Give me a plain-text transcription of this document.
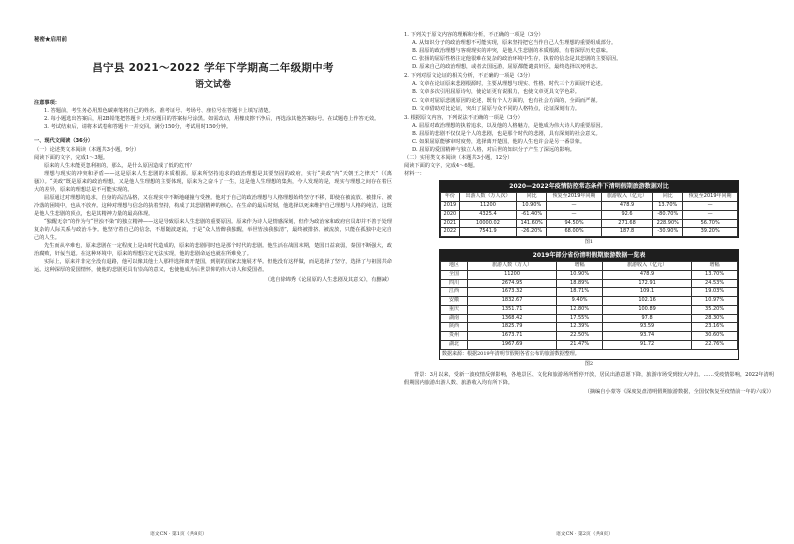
秘密★启用前
昌宁县 2021～2022 学年下学期高二年级期中考
语文试卷
注意事项：

1. 答题前，考生务必用黑色碳素笔将自己的姓名、准考证号、考场号、座位号在答题卡上填写清楚。

2. 每小题选出答案后，用2B铅笔把答题卡上对应题目的答案标号涂黑。如需改动，用橡皮擦干净后，再选涂其他答案标号。在试题卷上作答无效。

3. 考试结束后，请将本试卷和答题卡一并交回。满分150分，考试用时150分钟。

一、现代文阅读（36分）

（一）论述类文本阅读（本题共3小题，9分）

阅读下面的文字，完成1～3题。

原来的人生未能更忽利祖的，那么，是什么原因造成了低的危刊？

理想与现实的冲突和矛盾——这是原来人生悲剧的本质根源。原来所坚持追求的政治理想是其要坚固的政府，实行“美政”内“天朝王之律天”（《离骚》）。“美政”既是原来的政治理想，又是他人生理想的主要体现，原来为之奋斗了一生，这是他人生理想的集焦，今人发现的是，现实与理想之间存在着巨大的差异，原来的理想总是不可能实现的。

屈原通过对理想的追求，自身的高洁品格，又在现实中不断地碰撞与受挫。他对于自己的政治理想与人格理想始终坚守不移，即使在被流放、被排斥、被冷落的困境中，也从不放弃。这种对理想与信念的执着坚持，构成了其悲剧精神的核心。在生命的最后时刻，他选择以死来维护自己理想与人格的纯洁，这既是他人生悲剧的顶点，也是其精神力量的最高体现。

“独醒无奈”的作为与“世浊不染”的独立精神——这是导致原来人生悲剧的重要原因。原来作为诗人是情感深刻，但作为政治家和政府官员却并不善于处理复杂的人际关系与政治斗争。他坚守着自己的信念，不愿随波逐流，于是“众人皆醉我独醒，举世皆浊我独清”，最终被排挤、被流放，只能在孤独中走完自己的人生。

先生而从卒难也，原来悲剧在一定程度上是由时代造成的，原来的悲剧同时也是那个时代的悲剧。他生活在战国末期，楚国日益衰弱，秦国不断强大，政治腐败，奸佞当道。在这种环境中，原来的理想注定无法实现，他的悲剧命运也就在所难免了。

实际上，原来并非完全没有退路，他可以像其他士人那样选择离开楚国，到别的国家去施展才华。但他没有这样做，而是选择了坚守，选择了与祖国共命运。这种深厚的爱国情怀，使他的悲剧更具有崇高的意义，也使他成为后世景仰的伟大诗人和爱国者。

（选自徐锦秀《论屈原的人生悲剧及其意义》，有删减）

1. 下列关于原文内容的理解和分析，不正确的一项是（3分）

A. 从知识分子的政治理想不可能实现，原来坚持把它当作自己人生理想的重要组成部分。

B. 屈原的政治理想与客观现实的冲突，是他人生悲剧的本质根源，有着深厚历史意味。

C. 张扬的屈原性格注定他很难在复杂的政治环境中生存，执着的信念是其悲剧的主要原因。

D. 原来自己的政治理想，或者去国远游，屈原都能谴责奸臣，最终选择以死明志。

2. 下列对原文论证的相关分析，不正确的一项是（3分）

A. 文章在论证原来悲剧根源时，主要从理想与现实、性格、时代三个方面展开论述。

B. 文章多次引用屈原诗句，使论证更有说服力，也使文章更具文学色彩。

C. 文章对屈原悲剧原因的论述，既有个人方面的，也有社会方面的，全面而严谨。

D. 文章借助对比论证，突出了屈原与众不同的人格特点，论证深刻有力。

3. 根据原文内容，下列说法不正确的一项是（3分）

A. 屈原对政治理想的执着追求，以及他的人格魅力，是他成为伟大诗人的重要原因。

B. 屈原的悲剧不仅仅是个人的悲剧，也是那个时代的悲剧，具有深刻的社会意义。

C. 如果屈原能够审时度势，选择离开楚国，他的人生也许会是另一番景象。

D. 屈原的爱国精神与独立人格，对后世的知识分子产生了深远的影响。

（二）实用类文本阅读（本题共3小题，12分）

阅读下面的文字，完成4～6题。

材料一：

2020—2022年疫情防控常态条件下清明假期旅游数据对比
年份	出游人数（万人次）	同比	恢复至2019年同期	旅游收入（亿元）	同比	恢复至2019年同期
2019	11200	10.90%	—	478.9	13.70%	—
2020	4325.4	-61.40%	—	92.6	-80.70%	—
2021	10000.02	141.60%	94.50%	271.68	228.90%	56.70%
2022	7541.9	-26.20%	68.00%	187.8	-30.90%	39.20%
图1
2019年部分省份清明假期旅游数据一览表
地区	旅游人数（万人）	增幅	旅游收入（亿元）	增幅
全国	11200	10.90%	478.9	13.70%
四川	2674.95	18.89%	172.91	24.53%
江西	1673.32	18.71%	109.1	19.03%
安徽	1832.67	9.40%	102.16	10.97%
重庆	1351.71	12.80%	100.89	35.20%
湖南	1368.42	17.55%	97.8	28.30%
陕西	1825.79	12.39%	93.59	23.16%
贵州	1673.71	22.50%	93.74	30.60%
湖北	1967.69	21.47%	91.72	22.76%
数据来源：根据2019年清明节假期各省公布的旅游数据整理。
图2

背景：3月以来，受新一波疫情反弹影响，各地景区、文化和旅游场所暂停开放，居民出游意愿下降，旅游市场受到较大冲击。……受疫情影响，2022年清明假期国内旅游出游人数、旅游收入均有所下降。

（摘编自小蒙等《深度复盘清明假期旅游数据，全国仅恢复至疫情前一年的六成》）

语文CN · 第1页（共8页）	语文CN · 第2页（共8页）
